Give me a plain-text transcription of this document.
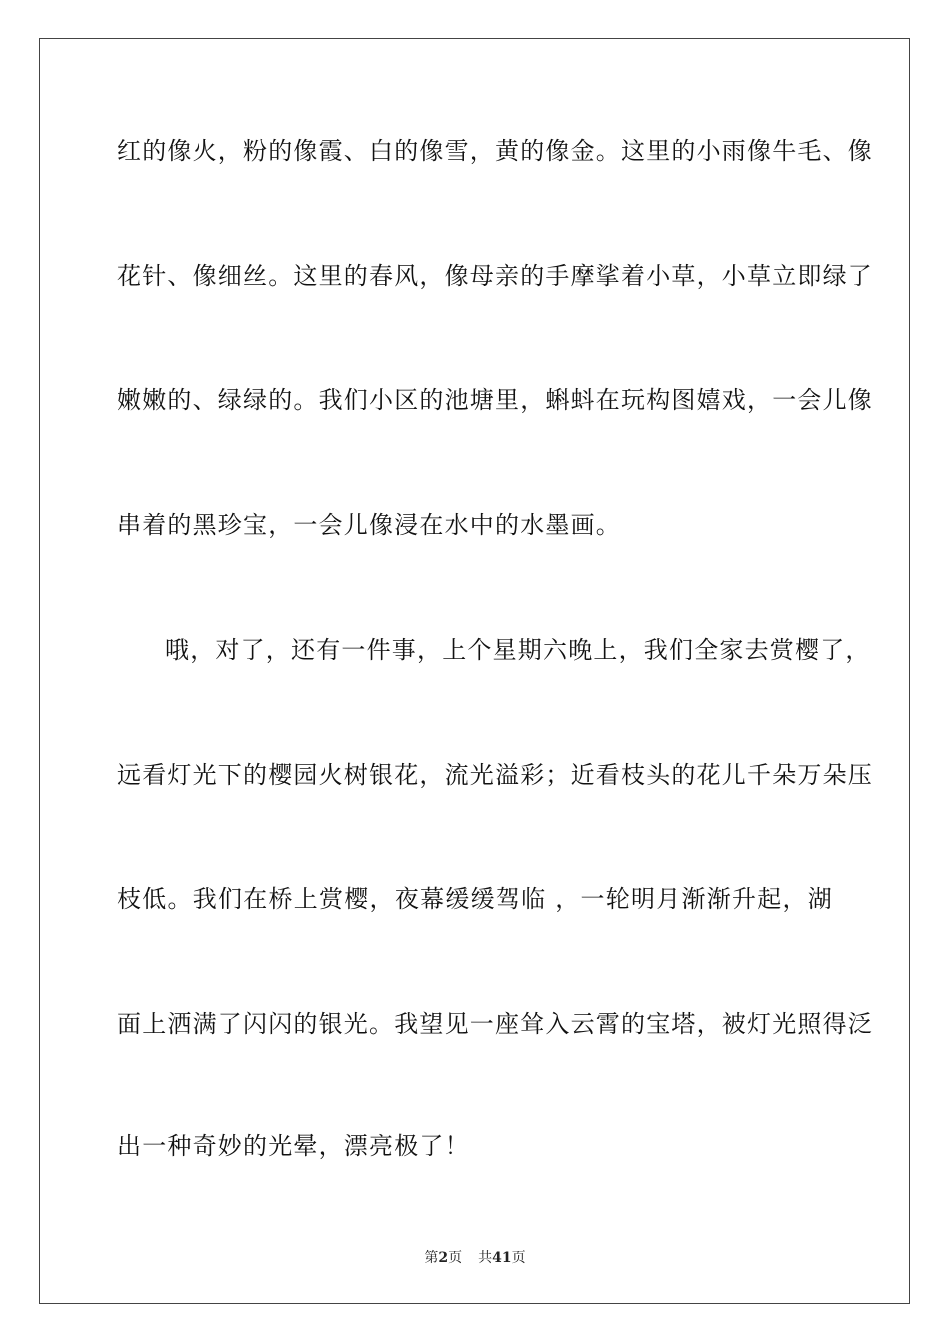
红的像火，粉的像霞、白的像雪，黄的像金。这里的小雨像牛毛、像
花针、像细丝。这里的春风，像母亲的手摩挲着小草，小草立即绿了
嫩嫩的、绿绿的。我们小区的池塘里，蝌蚪在玩构图嬉戏，一会儿像
串着的黑珍宝，一会儿像浸在水中的水墨画。
哦，对了，还有一件事，上个星期六晚上，我们全家去赏樱了，
远看灯光下的樱园火树银花，流光溢彩；近看枝头的花儿千朵万朵压
枝低。我们在桥上赏樱，夜幕缓缓驾临 ，一轮明月渐渐升起，湖
面上洒满了闪闪的银光。我望见一座耸入云霄的宝塔，被灯光照得泛
出一种奇妙的光晕，漂亮极了！
第2页 共41页
